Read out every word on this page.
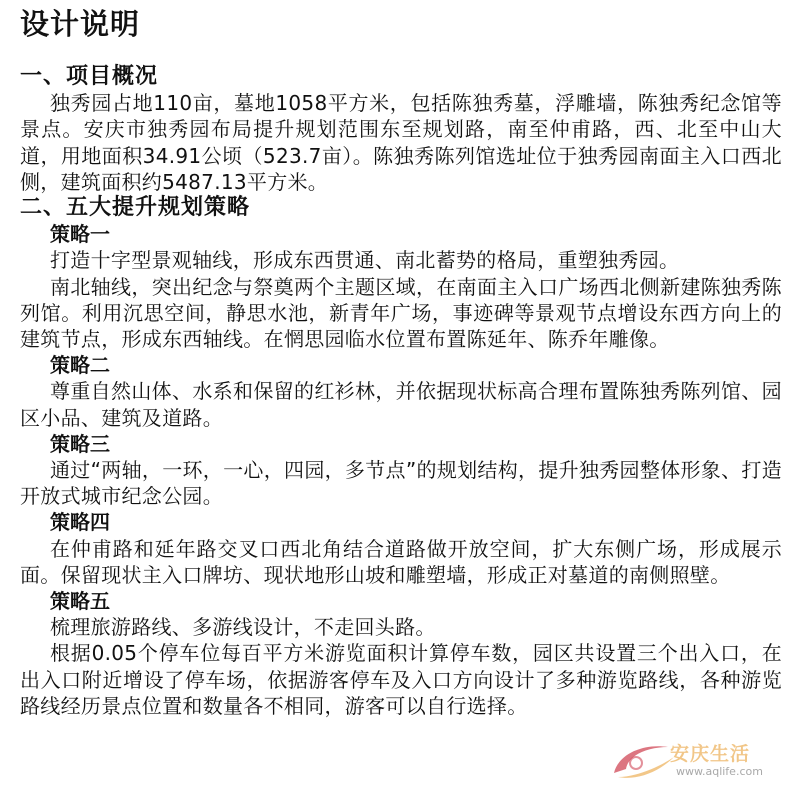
设计说明
一、项目概况

独秀园占地110亩，墓地1058平方米，包括陈独秀墓，浮雕墙，陈独秀纪念馆等景点。安庆市独秀园布局提升规划范围东至规划路，南至仲甫路，西、北至中山大道，用地面积34.91公顷（523.7亩）。陈独秀陈列馆选址位于独秀园南面主入口西北侧，建筑面积约5487.13平方米。

二、五大提升规划策略
策略一

打造十字型景观轴线，形成东西贯通、南北蓄势的格局，重塑独秀园。

南北轴线，突出纪念与祭奠两个主题区域，在南面主入口广场西北侧新建陈独秀陈列馆。利用沉思空间，静思水池，新青年广场，事迹碑等景观节点增设东西方向上的建筑节点，形成东西轴线。在惘思园临水位置布置陈延年、陈乔年雕像。

策略二

尊重自然山体、水系和保留的红衫林，并依据现状标高合理布置陈独秀陈列馆、园区小品、建筑及道路。

策略三

通过“两轴，一环，一心，四园，多节点”的规划结构，提升独秀园整体形象、打造开放式城市纪念公园。

策略四

在仲甫路和延年路交叉口西北角结合道路做开放空间，扩大东侧广场，形成展示面。保留现状主入口牌坊、现状地形山坡和雕塑墙，形成正对墓道的南侧照壁。

策略五

梳理旅游路线、多游线设计，不走回头路。

根据0.05个停车位每百平方米游览面积计算停车数，园区共设置三个出入口，在出入口附近增设了停车场，依据游客停车及入口方向设计了多种游览路线，各种游览路线经历景点位置和数量各不相同，游客可以自行选择。

安庆生活
www.aqlife.com
